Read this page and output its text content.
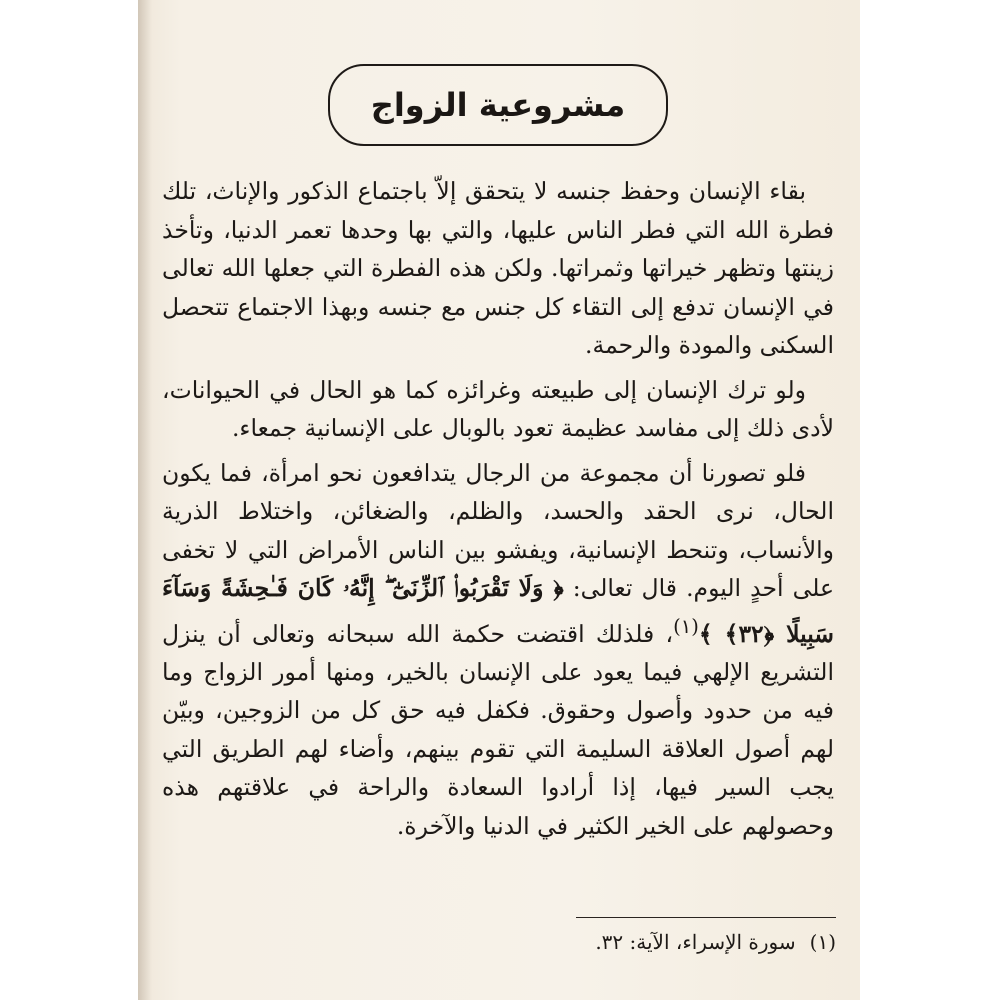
مشروعية الزواج

بقاء الإنسان وحفظ جنسه لا يتحقق إلاّ باجتماع الذكور والإناث، تلك فطرة الله التي فطر الناس عليها، والتي بها وحدها تعمر الدنيا، وتأخذ زينتها وتظهر خيراتها وثمراتها. ولكن هذه الفطرة التي جعلها الله تعالى في الإنسان تدفع إلى التقاء كل جنس مع جنسه وبهذا الاجتماع تتحصل السكنى والمودة والرحمة.

ولو ترك الإنسان إلى طبيعته وغرائزه كما هو الحال في الحيوانات، لأدى ذلك إلى مفاسد عظيمة تعود بالوبال على الإنسانية جمعاء.

فلو تصورنا أن مجموعة من الرجال يتدافعون نحو امرأة، فما يكون الحال، نرى الحقد والحسد، والظلم، والضغائن، واختلاط الذرية والأنساب، وتنحط الإنسانية، ويفشو بين الناس الأمراض التي لا تخفى على أحدٍ اليوم. قال تعالى: ﴿ وَلَا تَقْرَبُوا۟ ٱلزِّنَىٰٓ ۖ إِنَّهُۥ كَانَ فَـٰحِشَةً وَسَآءَ سَبِيلًا ﴿٣٢﴾ ﴾$^{(١)}$، فلذلك اقتضت حكمة الله سبحانه وتعالى أن ينزل التشريع الإلهي فيما يعود على الإنسان بالخير، ومنها أمور الزواج وما فيه من حدود وأصول وحقوق. فكفل فيه حق كل من الزوجين، وبيّن لهم أصول العلاقة السليمة التي تقوم بينهم، وأضاء لهم الطريق التي يجب السير فيها، إذا أرادوا السعادة والراحة في علاقتهم هذه وحصولهم على الخير الكثير في الدنيا والآخرة.

(١)سورة الإسراء، الآية: ٣٢.
